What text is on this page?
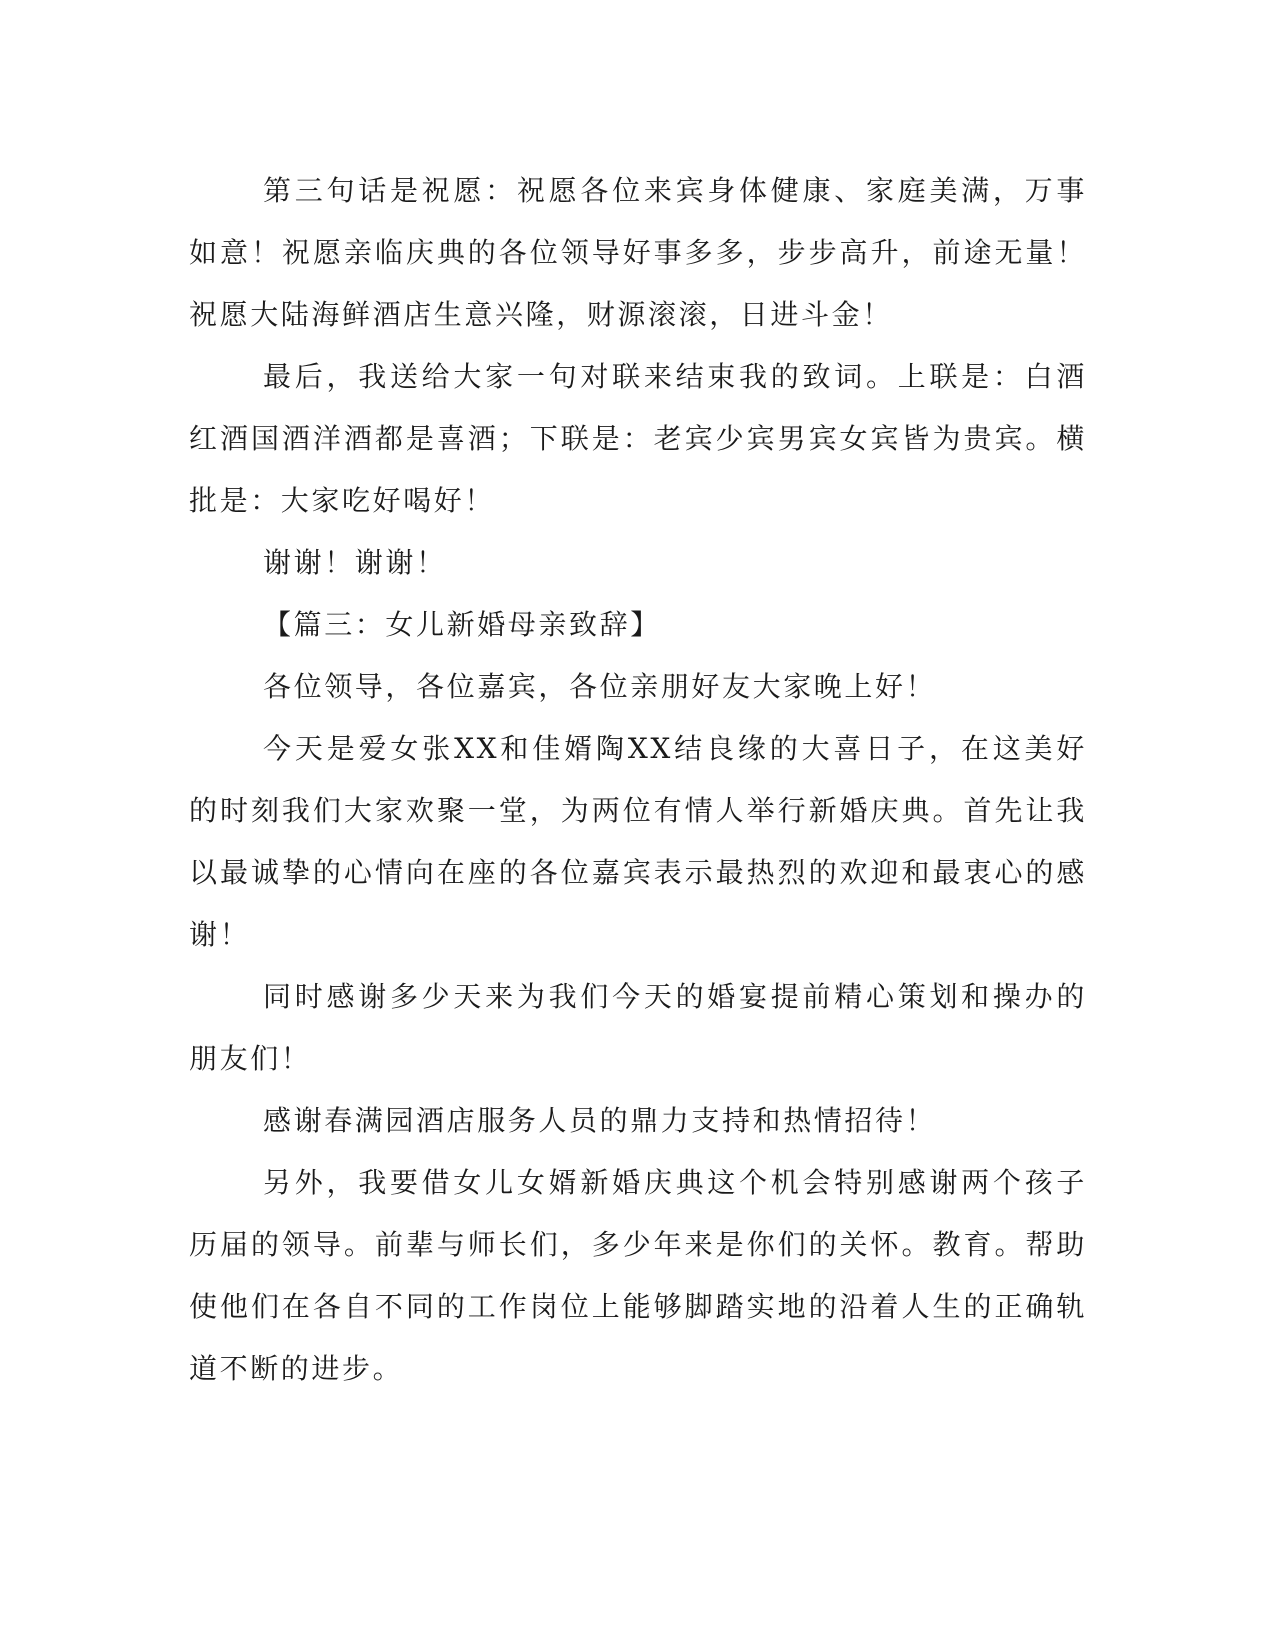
第三句话是祝愿：祝愿各位来宾身体健康、家庭美满，万事如意！祝愿亲临庆典的各位领导好事多多，步步高升，前途无量！祝愿大陆海鲜酒店生意兴隆，财源滚滚，日进斗金！

最后，我送给大家一句对联来结束我的致词。上联是：白酒红酒国酒洋酒都是喜酒；下联是：老宾少宾男宾女宾皆为贵宾。横批是：大家吃好喝好！

谢谢！谢谢！

【篇三：女儿新婚母亲致辞】

各位领导，各位嘉宾，各位亲朋好友大家晚上好！

今天是爱女张XX和佳婿陶XX结良缘的大喜日子，在这美好的时刻我们大家欢聚一堂，为两位有情人举行新婚庆典。首先让我以最诚挚的心情向在座的各位嘉宾表示最热烈的欢迎和最衷心的感谢！

同时感谢多少天来为我们今天的婚宴提前精心策划和操办的朋友们！

感谢春满园酒店服务人员的鼎力支持和热情招待！

另外，我要借女儿女婿新婚庆典这个机会特别感谢两个孩子历届的领导。前辈与师长们，多少年来是你们的关怀。教育。帮助使他们在各自不同的工作岗位上能够脚踏实地的沿着人生的正确轨道不断的进步。
